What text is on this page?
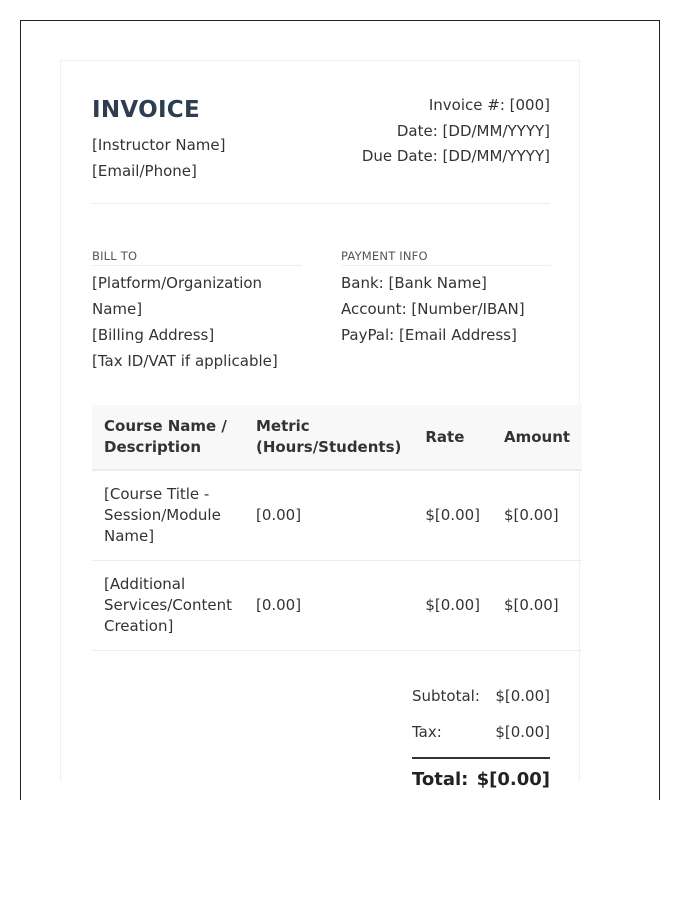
INVOICE
[Instructor Name]
[Email/Phone]
Invoice #: [000]
Date: [DD/MM/YYYY]
Due Date: [DD/MM/YYYY]
BILL TO
[Platform/Organization
Name]
[Billing Address]
[Tax ID/VAT if applicable]
PAYMENT INFO
Bank: [Bank Name]
Account: [Number/IBAN]
PayPal: [Email Address]
Course Name / Description	Metric (Hours/Students)	Rate	Amount
[Course Title - Session/Module Name]	[0.00]	$[0.00]	$[0.00]
[Additional Services/Content Creation]	[0.00]	$[0.00]	$[0.00]
Subtotal: $[0.00]
Tax:	$[0.00]
Total: $[0.00]
